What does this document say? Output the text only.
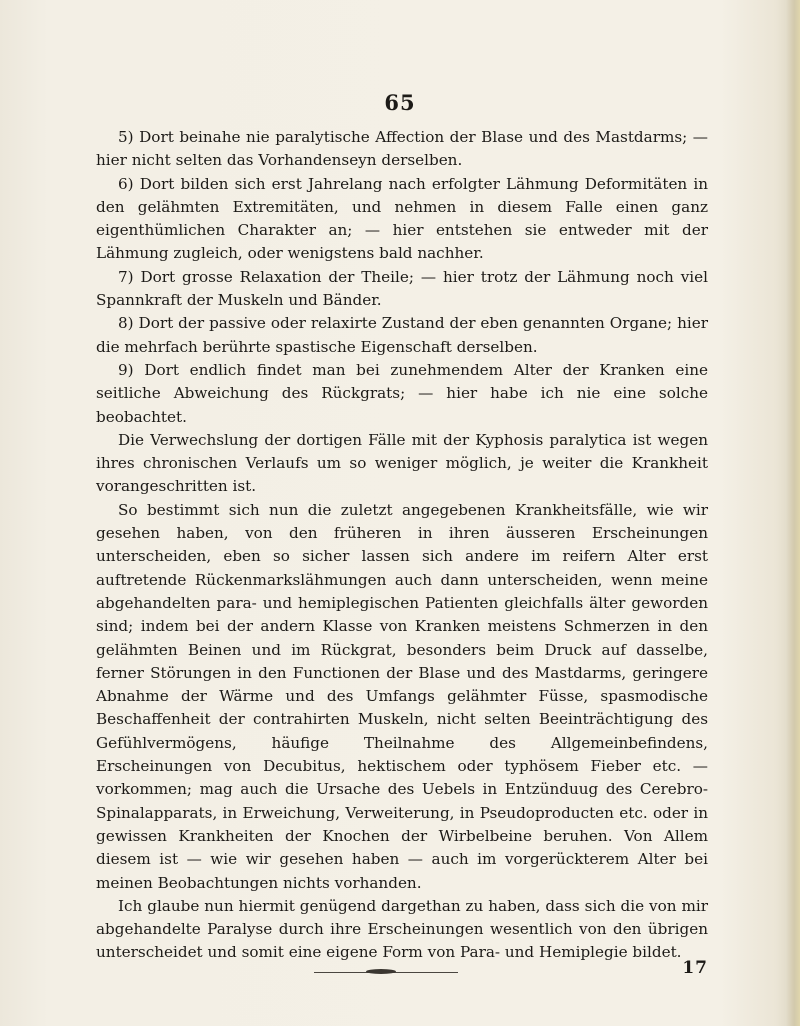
65

5) Dort beinahe nie paralytische Affection der Blase und des Mastdarms; — hier nicht selten das Vorhandenseyn derselben.

6) Dort bilden sich erst Jahrelang nach erfolgter Lähmung Deformitäten in den gelähmten Extremitäten, und nehmen in diesem Falle einen ganz eigenthümlichen Charakter an; — hier entstehen sie entweder mit der Lähmung zugleich, oder wenigstens bald nachher.

7) Dort grosse Relaxation der Theile; — hier trotz der Lähmung noch viel Spannkraft der Muskeln und Bänder.

8) Dort der passive oder relaxirte Zustand der eben genannten Organe; hier die mehrfach berührte spastische Eigenschaft derselben.

9) Dort endlich findet man bei zunehmendem Alter der Kranken eine seitliche Abweichung des Rückgrats; — hier habe ich nie eine solche beobachtet.

Die Verwechslung der dortigen Fälle mit der Kyphosis paralytica ist wegen ihres chronischen Verlaufs um so weniger möglich, je weiter die Krankheit vorangeschritten ist.

So bestimmt sich nun die zuletzt angegebenen Krankheitsfälle, wie wir gesehen haben, von den früheren in ihren äusseren Erscheinungen unterscheiden, eben so sicher lassen sich andere im reifern Alter erst auftretende Rückenmarkslähmungen auch dann unterscheiden, wenn meine abgehandelten para- und hemiplegischen Patienten gleichfalls älter geworden sind; indem bei der andern Klasse von Kranken meistens Schmerzen in den gelähmten Beinen und im Rückgrat, besonders beim Druck auf dasselbe, ferner Störungen in den Functionen der Blase und des Mastdarms, geringere Abnahme der Wärme und des Umfangs gelähmter Füsse, spasmodische Beschaffenheit der contrahirten Muskeln, nicht selten Beeinträchtigung des Gefühlvermögens, häufige Theilnahme des Allgemeinbefindens, Erscheinungen von Decubitus, hektischem oder typhösem Fieber etc. — vorkommen; mag auch die Ursache des Uebels in Entzünduug des Cerebro-Spinalapparats, in Erweichung, Verweiterung, in Pseudoproducten etc. oder in gewissen Krankheiten der Knochen der Wirbelbeine beruhen. Von Allem diesem ist — wie wir gesehen haben — auch im vorgerückterem Alter bei meinen Beobachtungen nichts vorhanden.

Ich glaube nun hiermit genügend dargethan zu haben, dass sich die von mir abgehandelte Paralyse durch ihre Erscheinungen wesentlich von den übrigen unterscheidet und somit eine eigene Form von Para- und Hemiplegie bildet.

17
